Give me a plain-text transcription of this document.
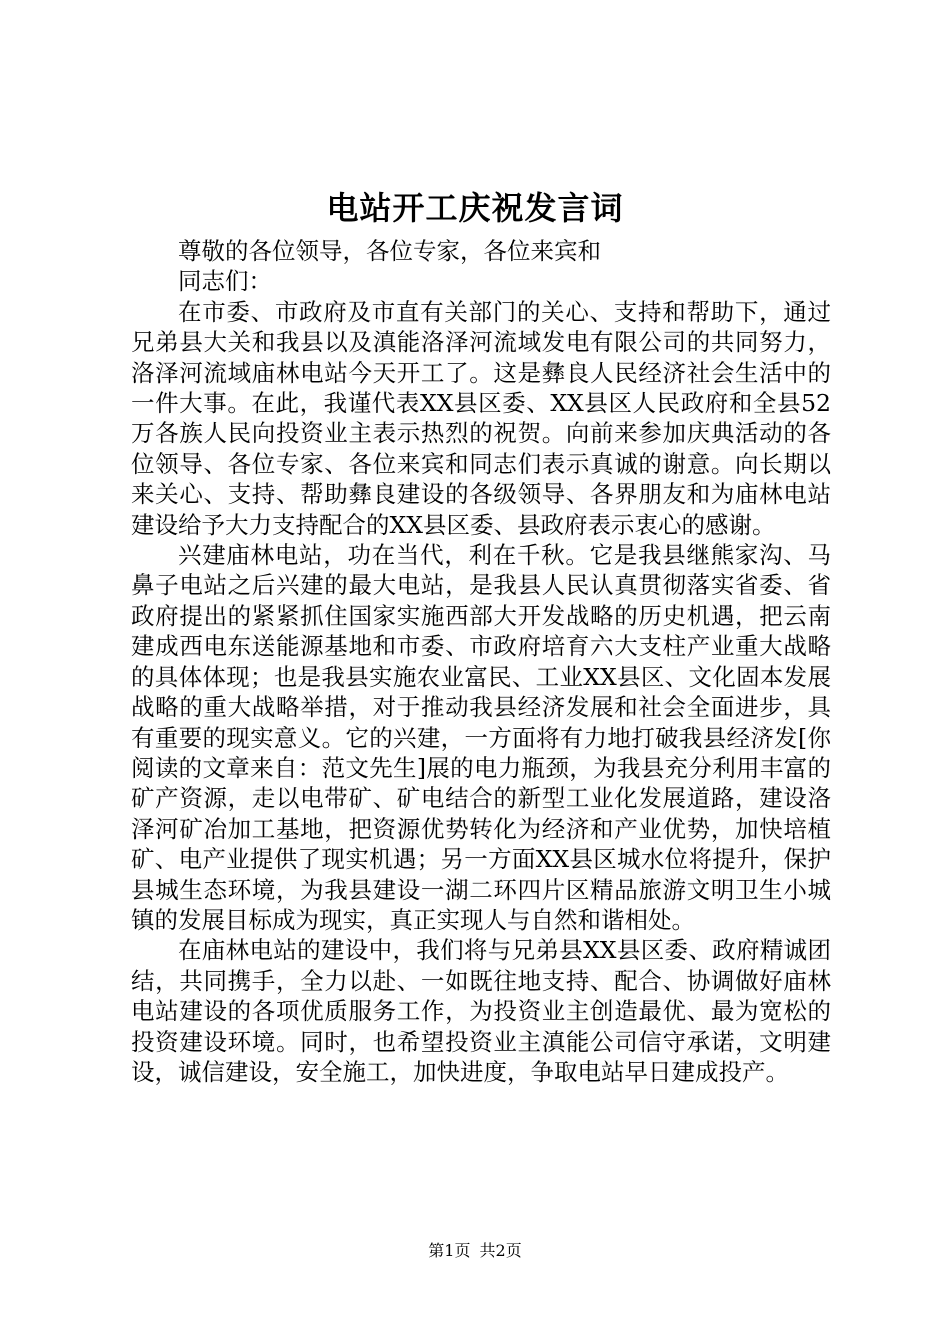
电站开工庆祝发言词

尊敬的各位领导，各位专家，各位来宾和

同志们：

在市委、市政府及市直有关部门的关心、支持和帮助下，通过兄弟县大关和我县以及滇能洛泽河流域发电有限公司的共同努力，洛泽河流域庙林电站今天开工了。这是彝良人民经济社会生活中的一件大事。在此，我谨代表XX县区委、XX县区人民政府和全县52万各族人民向投资业主表示热烈的祝贺。向前来参加庆典活动的各位领导、各位专家、各位来宾和同志们表示真诚的谢意。向长期以来关心、支持、帮助彝良建设的各级领导、各界朋友和为庙林电站建设给予大力支持配合的XX县区委、县政府表示衷心的感谢。

兴建庙林电站，功在当代，利在千秋。它是我县继熊家沟、马鼻子电站之后兴建的最大电站，是我县人民认真贯彻落实省委、省政府提出的紧紧抓住国家实施西部大开发战略的历史机遇，把云南建成西电东送能源基地和市委、市政府培育六大支柱产业重大战略的具体体现；也是我县实施农业富民、工业XX县区、文化固本发展战略的重大战略举措，对于推动我县经济发展和社会全面进步，具有重要的现实意义。它的兴建，一方面将有力地打破我县经济发[你阅读的文章来自：范文先生]展的电力瓶颈，为我县充分利用丰富的矿产资源，走以电带矿、矿电结合的新型工业化发展道路，建设洛泽河矿冶加工基地，把资源优势转化为经济和产业优势，加快培植矿、电产业提供了现实机遇；另一方面XX县区城水位将提升，保护县城生态环境，为我县建设一湖二环四片区精品旅游文明卫生小城镇的发展目标成为现实，真正实现人与自然和谐相处。

在庙林电站的建设中，我们将与兄弟县XX县区委、政府精诚团结，共同携手，全力以赴、一如既往地支持、配合、协调做好庙林电站建设的各项优质服务工作，为投资业主创造最优、最为宽松的投资建设环境。同时，也希望投资业主滇能公司信守承诺，文明建设，诚信建设，安全施工，加快进度，争取电站早日建成投产。

第1页 共2页
